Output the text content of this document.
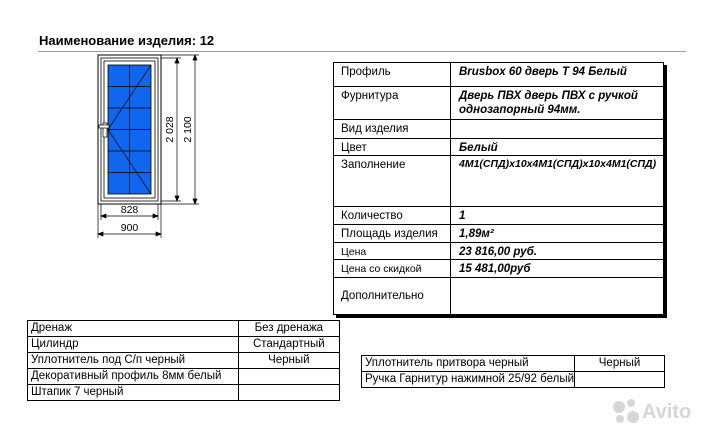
Наименование изделия: 12
828
900
2 028 2 100
Профиль	Brusbox 60 дверь T 94 Белый
Фурнитура	Дверь ПВХ дверь ПВХ с ручкой однозапорный 94мм.
Вид изделия
Цвет	Белый
Заполнение	4М1(СПД)x10x4М1(СПД)x10x4М1(СПД)
Количество	1
Площадь изделия	1,89м²
Цена	23 816,00 руб.
Цена со скидкой	15 481,00руб
Дополнительно
Дренаж	Без дренажа
Цилиндр	Стандартный
Уплотнитель под С/п черный	Черный
Декоративный профиль 8мм белый	
Штапик 7 черный	
Уплотнитель притвора черный	Черный
Ручка Гарнитур нажимной 25/92 белый	
Avito
